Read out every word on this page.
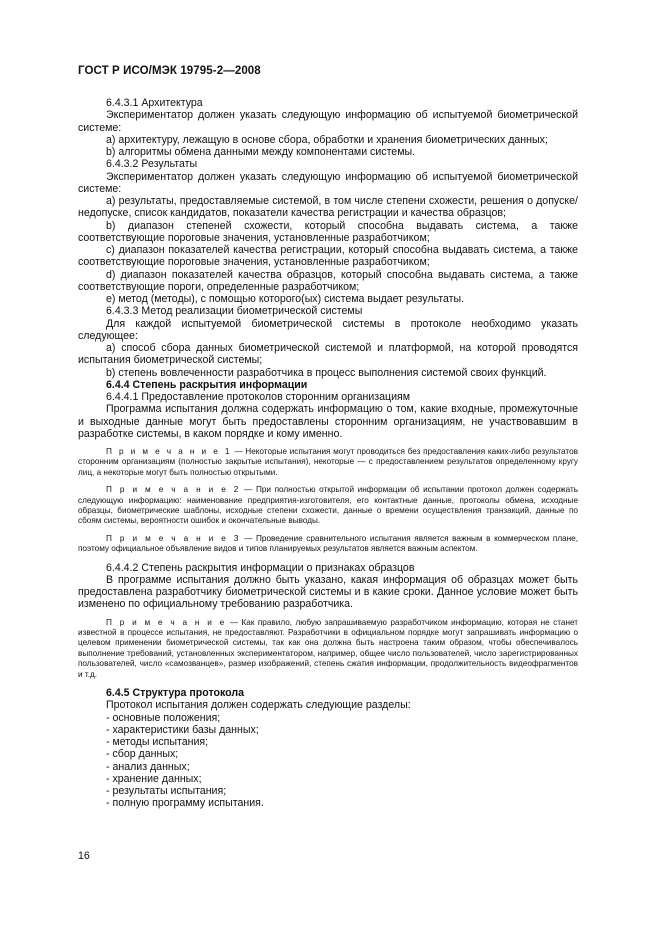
ГОСТ Р ИСО/МЭК 19795-2—2008

6.4.3.1 Архитектура

Экспериментатор должен указать следующую информацию об испытуемой биометрической системе:

a) архитектуру, лежащую в основе сбора, обработки и хранения биометрических данных;

b) алгоритмы обмена данными между компонентами системы.

6.4.3.2 Результаты

Экспериментатор должен указать следующую информацию об испытуемой биометрической системе:

a) результаты, предоставляемые системой, в том числе степени схожести, решения о допуске/недопуске, список кандидатов, показатели качества регистрации и качества образцов;

b) диапазон степеней схожести, который способна выдавать система, а также соответствующие пороговые значения, установленные разработчиком;

c) диапазон показателей качества регистрации, который способна выдавать система, а также соответствующие пороговые значения, установленные разработчиком;

d) диапазон показателей качества образцов, который способна выдавать система, а также соответствующие пороги, определенные разработчиком;

e) метод (методы), с помощью которого(ых) система выдает результаты.

6.4.3.3 Метод реализации биометрической системы

Для каждой испытуемой биометрической системы в протоколе необходимо указать следующее:

a) способ сбора данных биометрической системой и платформой, на которой проводятся испытания биометрической системы;

b) степень вовлеченности разработчика в процесс выполнения системой своих функций.

6.4.4 Степень раскрытия информации

6.4.4.1 Предоставление протоколов сторонним организациям

Программа испытания должна содержать информацию о том, какие входные, промежуточные и выходные данные могут быть предоставлены сторонним организациям, не участвовавшим в разработке системы, в каком порядке и кому именно.

П р и м е ч а н и е 1 — Некоторые испытания могут проводиться без предоставления каких-либо результатов сторонним организациям (полностью закрытые испытания), некоторые — с предоставлением результатов определенному кругу лиц, а некоторые могут быть полностью открытыми.

П р и м е ч а н и е 2 — При полностью открытой информации об испытании протокол должен содержать следующую информацию: наименование предприятия-изготовителя, его контактные данные, протоколы обмена, исходные образцы, биометрические шаблоны, исходные степени схожести, данные о времени осуществления транзакций, данные по сбоям системы, вероятности ошибок и окончательные выводы.

П р и м е ч а н и е 3 — Проведение сравнительного испытания является важным в коммерческом плане, поэтому официальное объявление видов и типов планируемых результатов является важным аспектом.

6.4.4.2 Степень раскрытия информации о признаках образцов

В программе испытания должно быть указано, какая информация об образцах может быть предоставлена разработчику биометрической системы и в какие сроки. Данное условие может быть изменено по официальному требованию разработчика.

П р и м е ч а н и е — Как правило, любую запрашиваемую разработчиком информацию, которая не станет известной в процессе испытания, не предоставляют. Разработчики в официальном порядке могут запрашивать информацию о целевом применении биометрической системы, так как она должна быть настроена таким образом, чтобы обеспечивалось выполнение требований, установленных экспериментатором, например, общее число пользователей, число зарегистрированных пользователей, число «самозванцев», размер изображений, степень сжатия информации, продолжительность видеофрагментов и т.д.

6.4.5 Структура протокола

Протокол испытания должен содержать следующие разделы:

- основные положения;
- характеристики базы данных;
- методы испытания;
- сбор данных;
- анализ данных;
- хранение данных;
- результаты испытания;
- полную программу испытания.
16
